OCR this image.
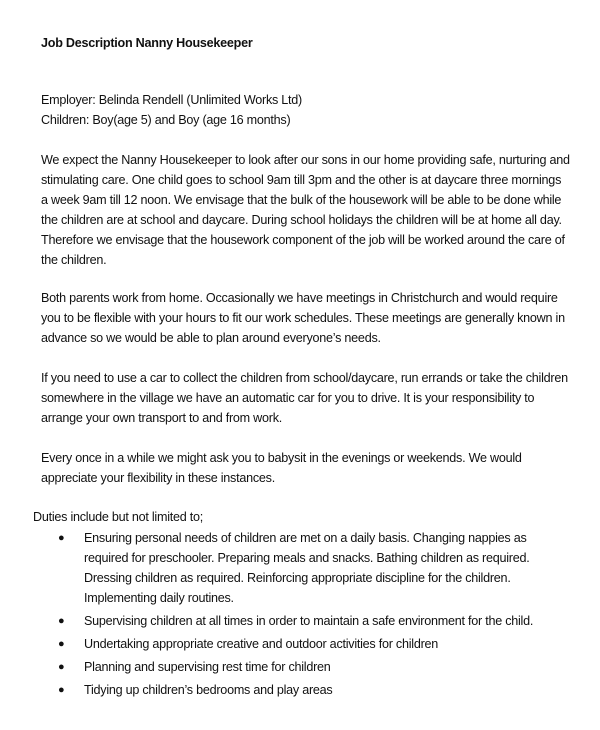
Job Description Nanny Housekeeper
Employer: Belinda Rendell (Unlimited Works Ltd)
Children: Boy(age 5) and Boy (age 16 months)
We expect the Nanny Housekeeper to look after our sons in our home providing safe, nurturing and
stimulating care. One child goes to school 9am till 3pm and the other is at daycare three mornings
a week 9am till 12 noon. We envisage that the bulk of the housework will be able to be done while
the children are at school and daycare. During school holidays the children will be at home all day.
Therefore we envisage that the housework component of the job will be worked around the care of
the children.
Both parents work from home. Occasionally we have meetings in Christchurch and would require
you to be flexible with your hours to fit our work schedules. These meetings are generally known in
advance so we would be able to plan around everyone’s needs.
If you need to use a car to collect the children from school/daycare, run errands or take the children
somewhere in the village we have an automatic car for you to drive. It is your responsibility to
arrange your own transport to and from work.
Every once in a while we might ask you to babysit in the evenings or weekends. We would
appreciate your flexibility in these instances.
Duties include but not limited to;
● Ensuring personal needs of children are met on a daily basis. Changing nappies as
required for preschooler. Preparing meals and snacks. Bathing children as required.
Dressing children as required. Reinforcing appropriate discipline for the children.
Implementing daily routines.
● Supervising children at all times in order to maintain a safe environment for the child.
● Undertaking appropriate creative and outdoor activities for children
● Planning and supervising rest time for children
● Tidying up children’s bedrooms and play areas
